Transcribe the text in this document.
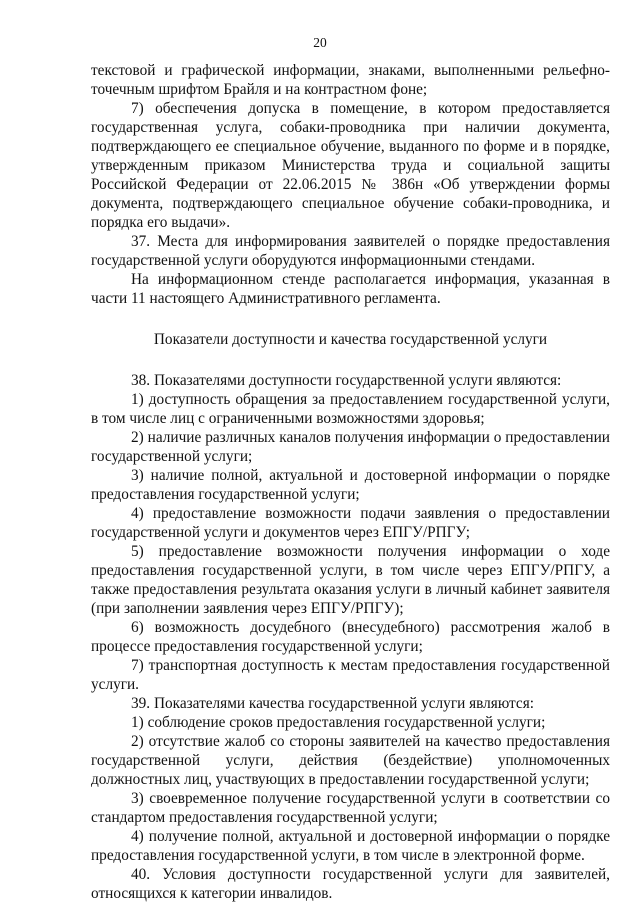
20

текстовой и графической информации, знаками, выполненными рельефно-точечным шрифтом Брайля и на контрастном фоне;

7) обеспечения допуска в помещение, в котором предоставляется государственная услуга, собаки-проводника при наличии документа, подтверждающего ее специальное обучение, выданного по форме и в порядке, утвержденным приказом Министерства труда и социальной защиты Российской Федерации от 22.06.2015 № 386н «Об утверждении формы документа, подтверждающего специальное обучение собаки-проводника, и порядка его выдачи».

37. Места для информирования заявителей о порядке предоставления государственной услуги оборудуются информационными стендами.

На информационном стенде располагается информация, указанная в части 11 настоящего Административного регламента.

Показатели доступности и качества государственной услуги

38. Показателями доступности государственной услуги являются:

1) доступность обращения за предоставлением государственной услуги, в том числе лиц с ограниченными возможностями здоровья;

2) наличие различных каналов получения информации о предоставлении государственной услуги;

3) наличие полной, актуальной и достоверной информации о порядке предоставления государственной услуги;

4) предоставление возможности подачи заявления о предоставлении государственной услуги и документов через ЕПГУ/РПГУ;

5) предоставление возможности получения информации о ходе предоставления государственной услуги, в том числе через ЕПГУ/РПГУ, а также предоставления результата оказания услуги в личный кабинет заявителя (при заполнении заявления через ЕПГУ/РПГУ);

6) возможность досудебного (внесудебного) рассмотрения жалоб в процессе предоставления государственной услуги;

7) транспортная доступность к местам предоставления государственной услуги.

39. Показателями качества государственной услуги являются:

1) соблюдение сроков предоставления государственной услуги;

2) отсутствие жалоб со стороны заявителей на качество предоставления государственной услуги, действия (бездействие) уполномоченных должностных лиц, участвующих в предоставлении государственной услуги;

3) своевременное получение государственной услуги в соответствии со стандартом предоставления государственной услуги;

4) получение полной, актуальной и достоверной информации о порядке предоставления государственной услуги, в том числе в электронной форме.

40. Условия доступности государственной услуги для заявителей, относящихся к категории инвалидов.
